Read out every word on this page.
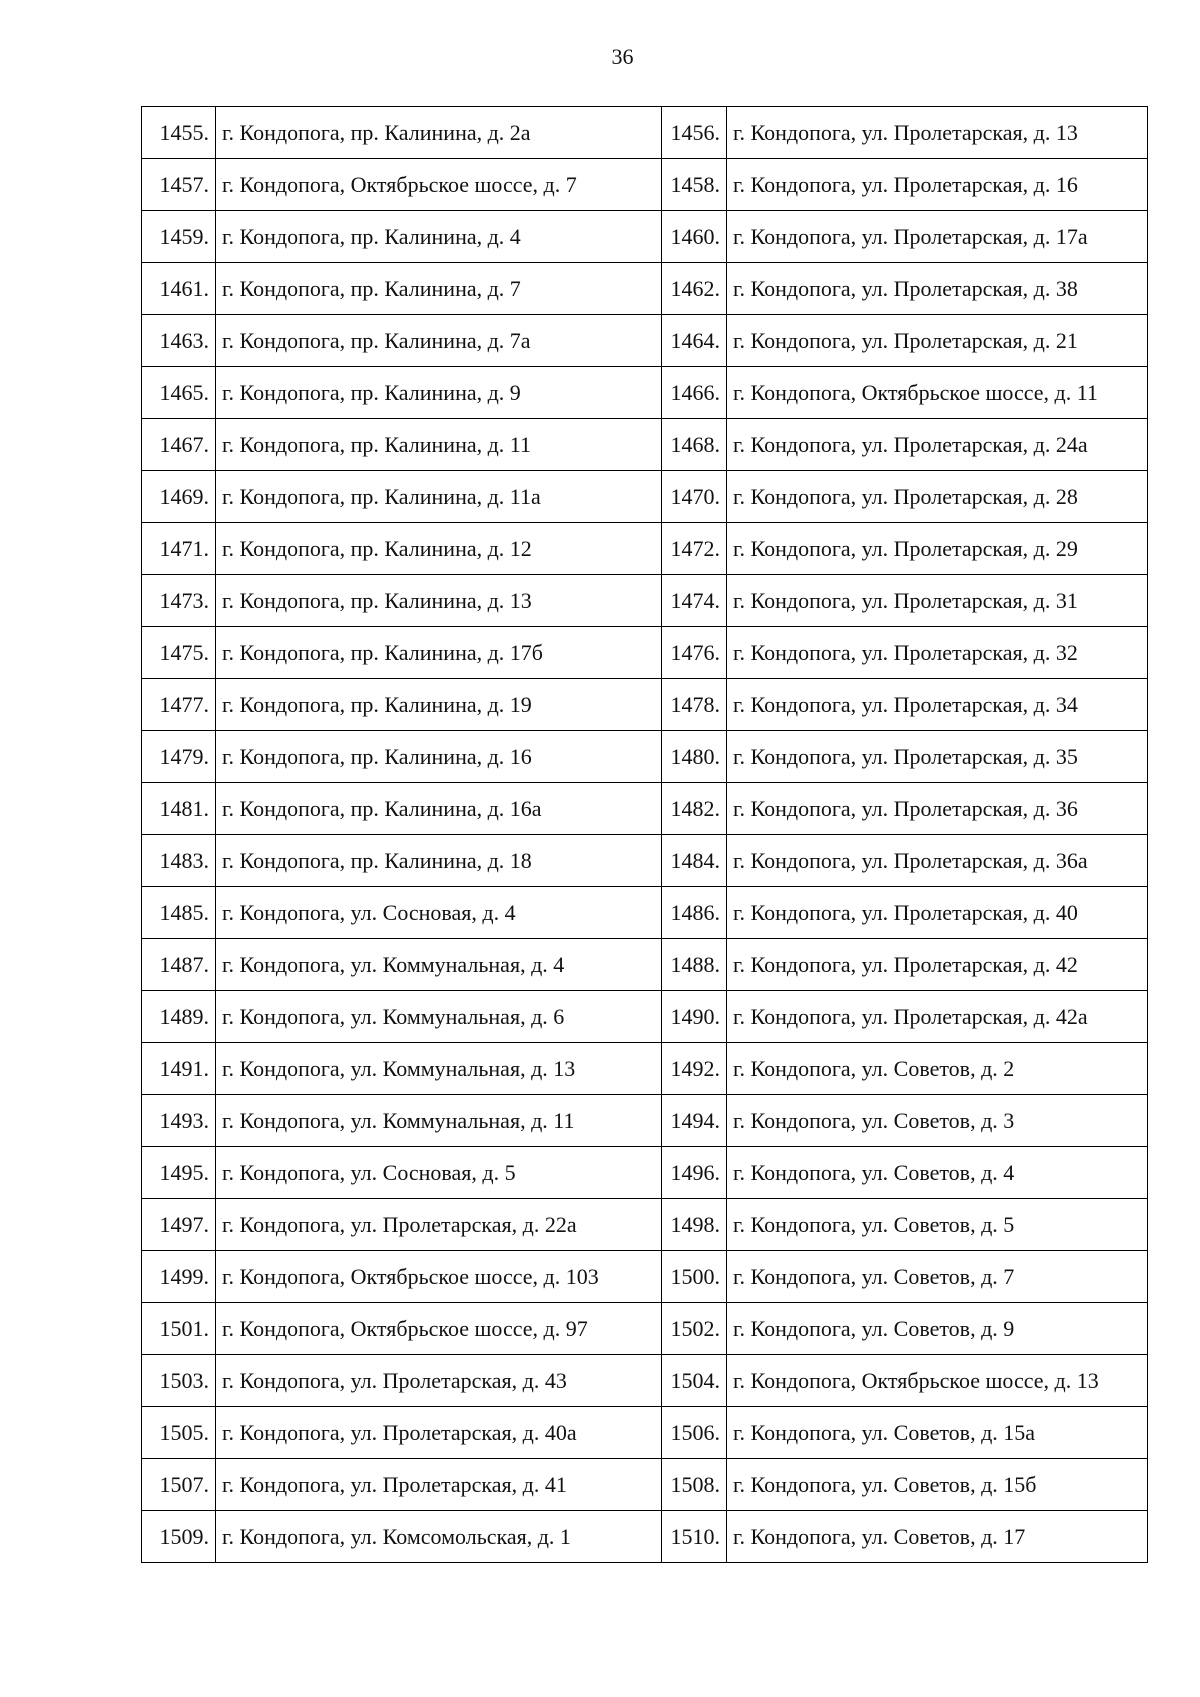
36
1455.	г. Кондопога, пр. Калинина, д. 2а	1456.	г. Кондопога, ул. Пролетарская, д. 13
1457.	г. Кондопога, Октябрьское шоссе, д. 7	1458.	г. Кондопога, ул. Пролетарская, д. 16
1459.	г. Кондопога, пр. Калинина, д. 4	1460.	г. Кондопога, ул. Пролетарская, д. 17а
1461.	г. Кондопога, пр. Калинина, д. 7	1462.	г. Кондопога, ул. Пролетарская, д. 38
1463.	г. Кондопога, пр. Калинина, д. 7а	1464.	г. Кондопога, ул. Пролетарская, д. 21
1465.	г. Кондопога, пр. Калинина, д. 9	1466.	г. Кондопога, Октябрьское шоссе, д. 11
1467.	г. Кондопога, пр. Калинина, д. 11	1468.	г. Кондопога, ул. Пролетарская, д. 24а
1469.	г. Кондопога, пр. Калинина, д. 11а	1470.	г. Кондопога, ул. Пролетарская, д. 28
1471.	г. Кондопога, пр. Калинина, д. 12	1472.	г. Кондопога, ул. Пролетарская, д. 29
1473.	г. Кондопога, пр. Калинина, д. 13	1474.	г. Кондопога, ул. Пролетарская, д. 31
1475.	г. Кондопога, пр. Калинина, д. 17б	1476.	г. Кондопога, ул. Пролетарская, д. 32
1477.	г. Кондопога, пр. Калинина, д. 19	1478.	г. Кондопога, ул. Пролетарская, д. 34
1479.	г. Кондопога, пр. Калинина, д. 16	1480.	г. Кондопога, ул. Пролетарская, д. 35
1481.	г. Кондопога, пр. Калинина, д. 16а	1482.	г. Кондопога, ул. Пролетарская, д. 36
1483.	г. Кондопога, пр. Калинина, д. 18	1484.	г. Кондопога, ул. Пролетарская, д. 36а
1485.	г. Кондопога, ул. Сосновая, д. 4	1486.	г. Кондопога, ул. Пролетарская, д. 40
1487.	г. Кондопога, ул. Коммунальная, д. 4	1488.	г. Кондопога, ул. Пролетарская, д. 42
1489.	г. Кондопога, ул. Коммунальная, д. 6	1490.	г. Кондопога, ул. Пролетарская, д. 42а
1491.	г. Кондопога, ул. Коммунальная, д. 13	1492.	г. Кондопога, ул. Советов, д. 2
1493.	г. Кондопога, ул. Коммунальная, д. 11	1494.	г. Кондопога, ул. Советов, д. 3
1495.	г. Кондопога, ул. Сосновая, д. 5	1496.	г. Кондопога, ул. Советов, д. 4
1497.	г. Кондопога, ул. Пролетарская, д. 22а	1498.	г. Кондопога, ул. Советов, д. 5
1499.	г. Кондопога, Октябрьское шоссе, д. 103	1500.	г. Кондопога, ул. Советов, д. 7
1501.	г. Кондопога, Октябрьское шоссе, д. 97	1502.	г. Кондопога, ул. Советов, д. 9
1503.	г. Кондопога, ул. Пролетарская, д. 43	1504.	г. Кондопога, Октябрьское шоссе, д. 13
1505.	г. Кондопога, ул. Пролетарская, д. 40а	1506.	г. Кондопога, ул. Советов, д. 15а
1507.	г. Кондопога, ул. Пролетарская, д. 41	1508.	г. Кондопога, ул. Советов, д. 15б
1509.	г. Кондопога, ул. Комсомольская, д. 1	1510.	г. Кондопога, ул. Советов, д. 17
